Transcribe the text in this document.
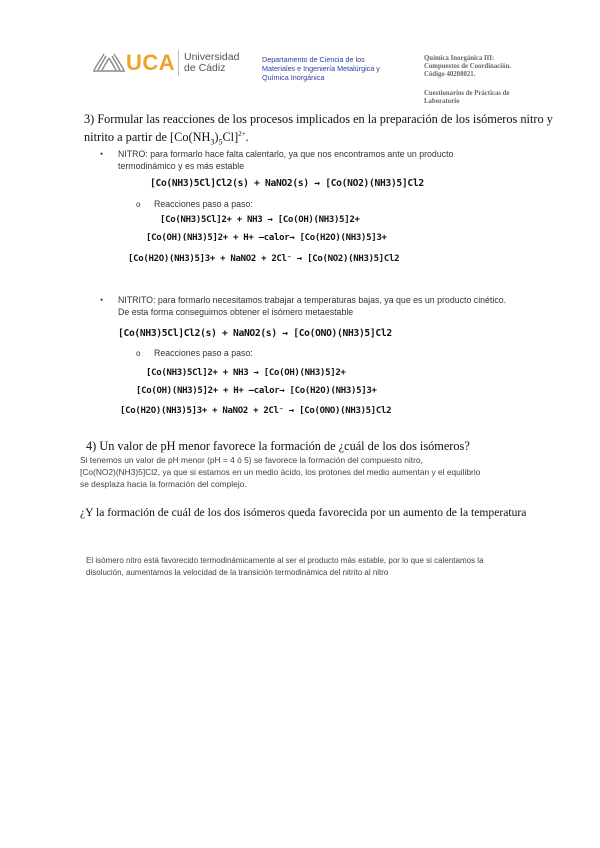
UCA Universidad
de Cádiz
Departamento de Ciencia de los
Materiales e Ingeniería Metalúrgica y
Química Inorgánica
Química Inorgánica III:
Compuestos de Coordinación.
Código 40208021.
Cuestionarios de Prácticas de
Laboratorio
3) Formular las reacciones de los procesos implicados en la preparación de los isómeros nitro y
nitrito a partir de $[Co(NH_3)_5Cl]^{2+}$.
• NITRO: para formarlo hace falta calentarlo, ya que nos encontramos ante un producto
termodinámico y es más estable
[Co(NH3)5Cl]Cl2(s) + NaNO2(s) → [Co(NO2)(NH3)5]Cl2
o Reacciones paso a paso:
[Co(NH3)5Cl]2+ + NH3 → [Co(OH)(NH3)5]2+
[Co(OH)(NH3)5]2+ + H+ —calor→ [Co(H2O)(NH3)5]3+
[Co(H2O)(NH3)5]3+ + NaNO2 + 2Cl⁻ → [Co(NO2)(NH3)5]Cl2
• NITRITO: para formarlo necesitamos trabajar a temperaturas bajas, ya que es un producto cinético.
De esta forma conseguimos obtener el isómero metaestable
[Co(NH3)5Cl]Cl2(s) + NaNO2(s) → [Co(ONO)(NH3)5]Cl2
o Reacciones paso a paso:
[Co(NH3)5Cl]2+ + NH3 → [Co(OH)(NH3)5]2+
[Co(OH)(NH3)5]2+ + H+ —calor→ [Co(H2O)(NH3)5]3+
[Co(H2O)(NH3)5]3+ + NaNO2 + 2Cl⁻ → [Co(ONO)(NH3)5]Cl2
4) Un valor de pH menor favorece la formación de ¿cuál de los dos isómeros?
Si tenemos un valor de pH menor (pH = 4 ó 5) se favorece la formación del compuesto nitro,
[Co(NO2)(NH3)5]Cl2, ya que si estamos en un medio ácido, los protones del medio aumentan y el equilibrio
se desplaza hacia la formación del complejo.
¿Y la formación de cuál de los dos isómeros queda favorecida por un aumento de la temperatura
El isómero nitro está favorecido termodinámicamente al ser el producto más estable, por lo que si calentamos la
disolución, aumentamos la velocidad de la transición termodinámica del nitrito al nitro
